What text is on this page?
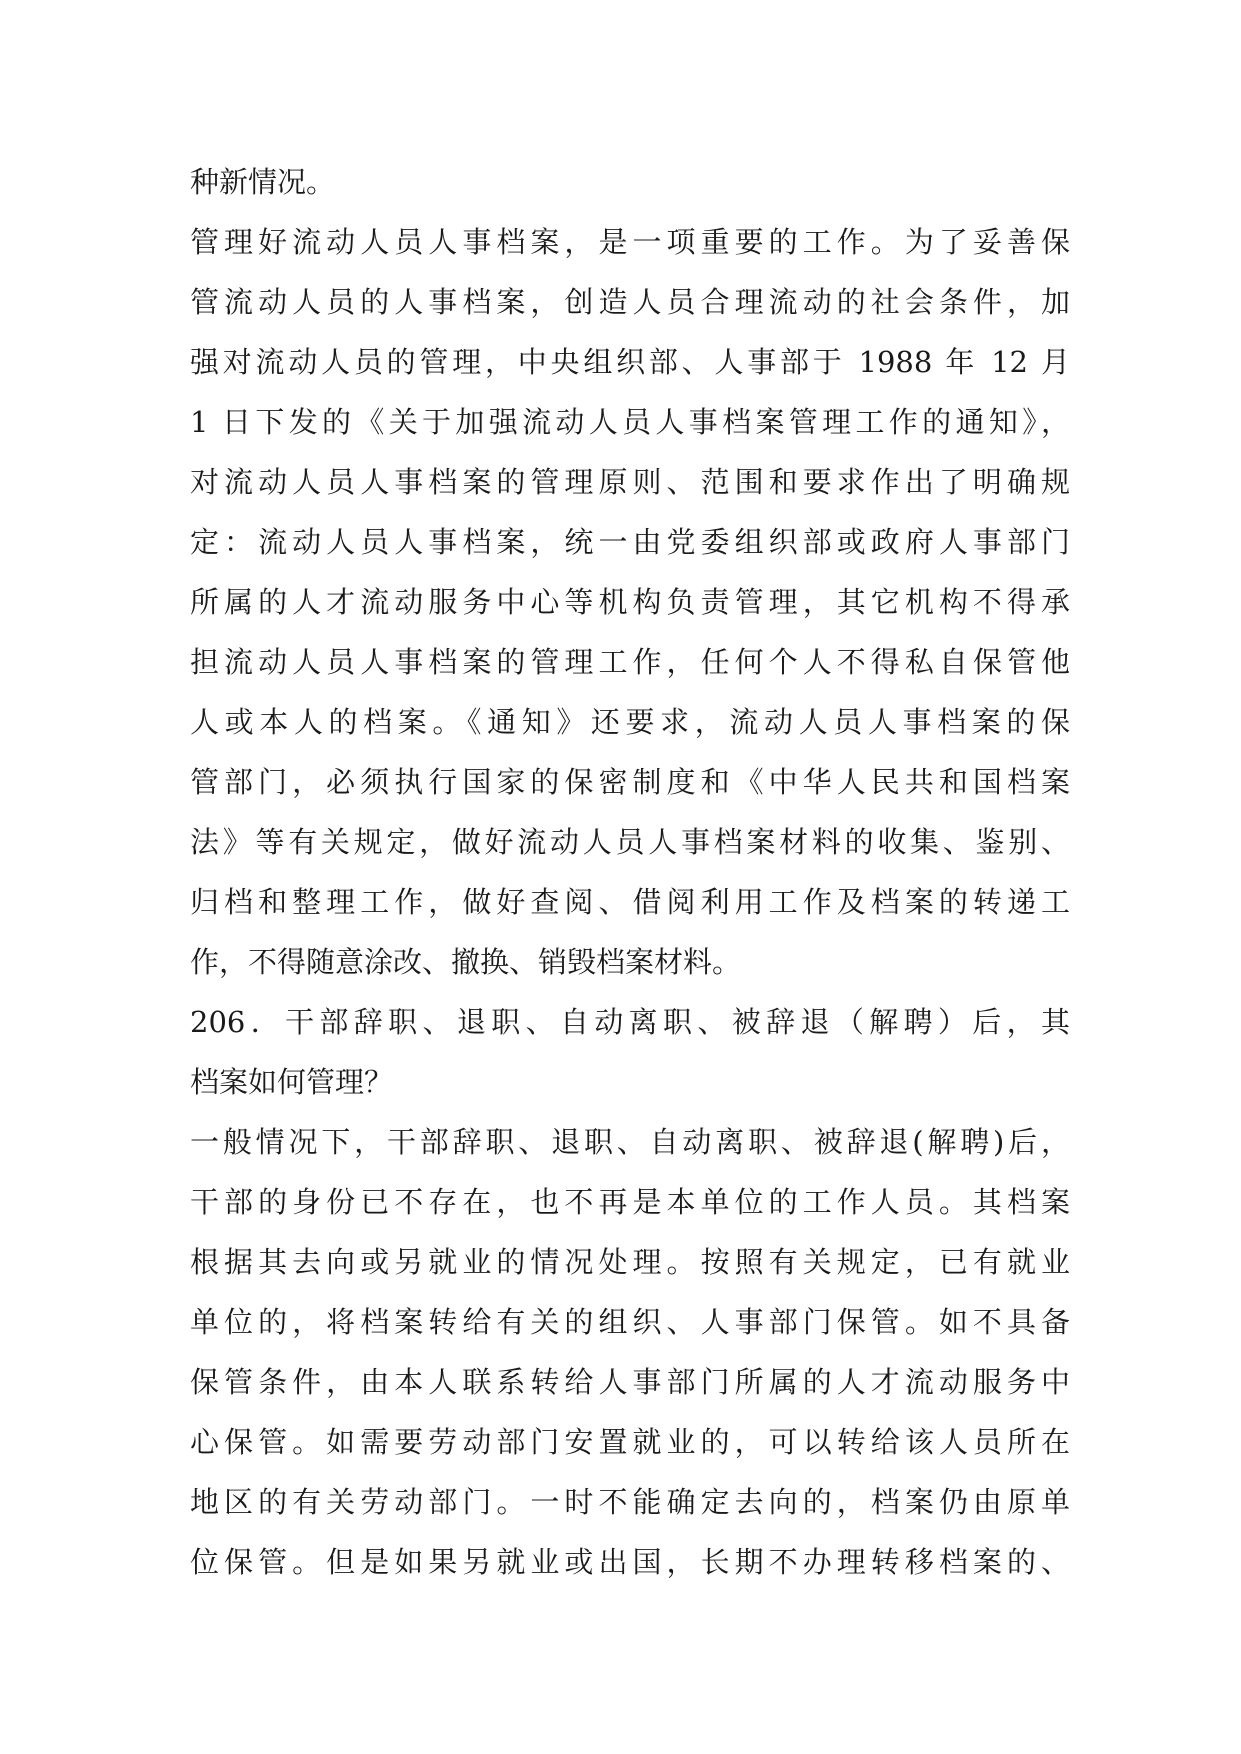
种新情况。
管理好流动人员人事档案，是一项重要的工作。为了妥善保
管流动人员的人事档案，创造人员合理流动的社会条件，加
强对流动人员的管理，中央组织部、人事部于 1988 年 12 月
1 日下发的《关于加强流动人员人事档案管理工作的通知》，
对流动人员人事档案的管理原则、范围和要求作出了明确规
定：流动人员人事档案，统一由党委组织部或政府人事部门
所属的人才流动服务中心等机构负责管理，其它机构不得承
担流动人员人事档案的管理工作，任何个人不得私自保管他
人或本人的档案。《通知》还要求，流动人员人事档案的保
管部门，必须执行国家的保密制度和《中华人民共和国档案
法》等有关规定，做好流动人员人事档案材料的收集、鉴别、
归档和整理工作，做好查阅、借阅利用工作及档案的转递工
作，不得随意涂改、撤换、销毁档案材料。
206．干部辞职、退职、自动离职、被辞退（解聘）后，其
档案如何管理？
一般情况下，干部辞职、退职、自动离职、被辞退(解聘)后，
干部的身份已不存在，也不再是本单位的工作人员。其档案
根据其去向或另就业的情况处理。按照有关规定，已有就业
单位的，将档案转给有关的组织、人事部门保管。如不具备
保管条件，由本人联系转给人事部门所属的人才流动服务中
心保管。如需要劳动部门安置就业的，可以转给该人员所在
地区的有关劳动部门。一时不能确定去向的，档案仍由原单
位保管。但是如果另就业或出国，长期不办理转移档案的、
